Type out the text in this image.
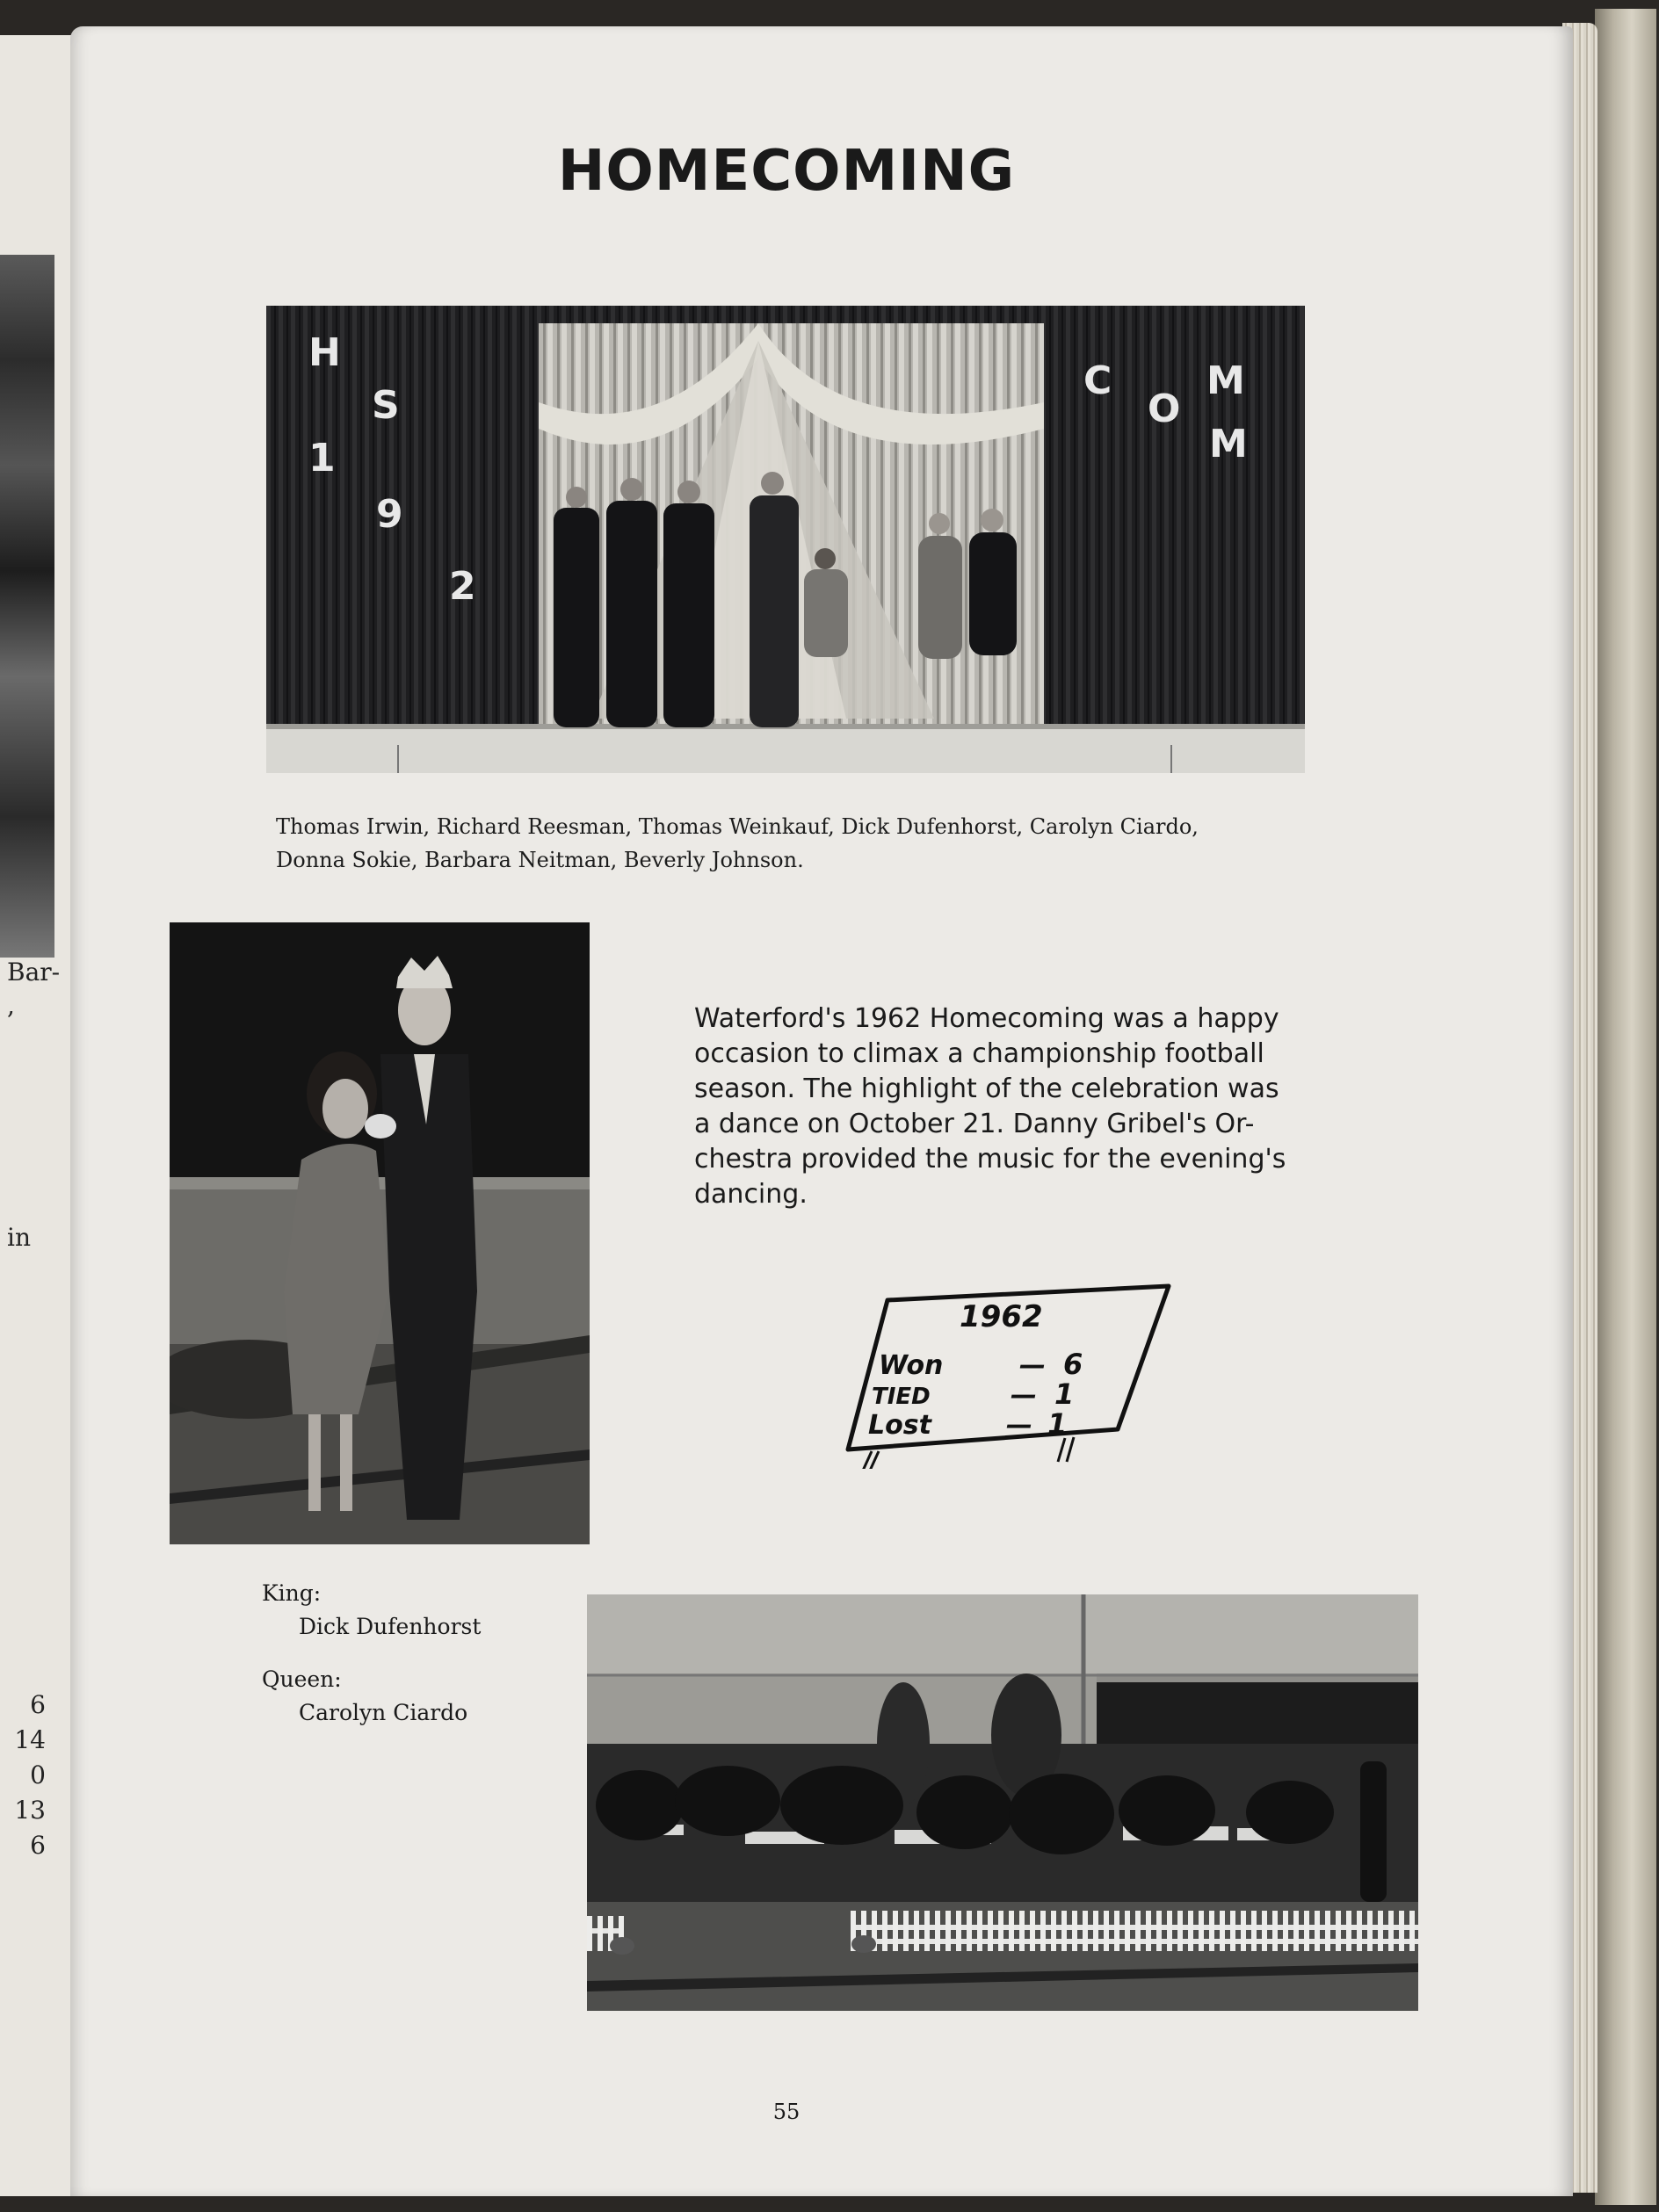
Bar-
,
in
6
14
0
13
6
HOMECOMING
H
S
1
9
2
C
O
M
M
Thomas Irwin, Richard Reesman, Thomas Weinkauf, Dick Dufenhorst, Carolyn Ciardo,
Donna Sokie, Barbara Neitman, Beverly Johnson.
Waterford's 1962 Homecoming was a happy
occasion to climax a championship football
season. The highlight of the celebration was
a dance on October 21. Danny Gribel's Or-
chestra provided the music for the evening's
dancing.
1962
Won	— 6
TIED	— 1
Lost	— 1
King:
Dick Dufenhorst
Queen:
Carolyn Ciardo
55
